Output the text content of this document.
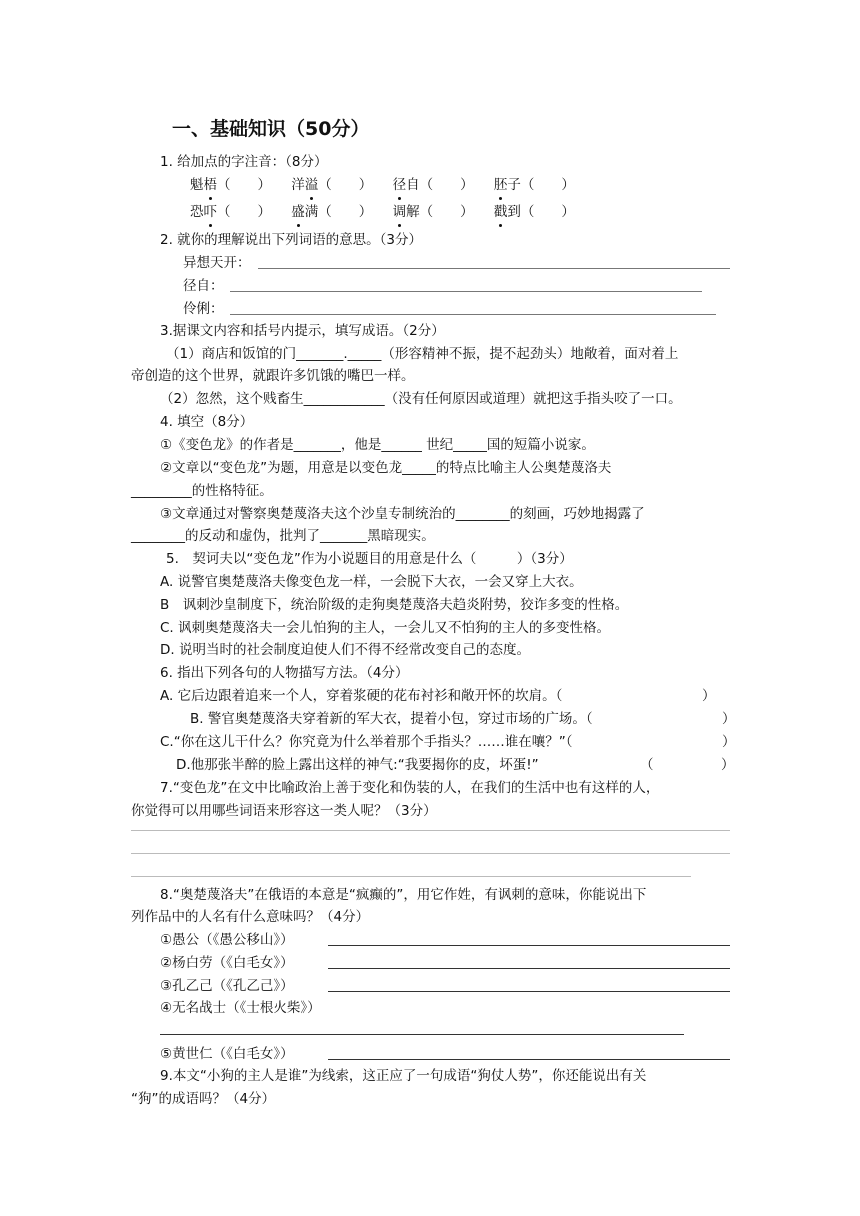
一、基础知识（50分）
1. 给加点的字注音：（8分）
魁梧（　　） 洋溢（　　） 径自（　　） 胚子（　　）
恐吓（　　） 盛满（　　） 调解（　　） 戳到（　　）
2. 就你的理解说出下列词语的意思。（3分）
异想天开：
径自：
伶俐：
3.据课文内容和括号内提示，填写成语。（2分）
（1）商店和饭馆的门_______._____（形容精神不振，提不起劲头）地敞着，面对着上
帝创造的这个世界，就跟许多饥饿的嘴巴一样。
（2）忽然，这个贱畜生____________（没有任何原因或道理）就把这手指头咬了一口。
4. 填空（8分）
①《变色龙》的作者是_______，他是______ 世纪_____国的短篇小说家。
②文章以“变色龙”为题，用意是以变色龙_____的特点比喻主人公奥楚蔑洛夫
_________的性格特征。
③文章通过对警察奥楚蔑洛夫这个沙皇专制统治的________的刻画，巧妙地揭露了
________的反动和虚伪，批判了_______黑暗现实。
5.　契诃夫以“变色龙”作为小说题目的用意是什么（　　　）（3分）
A. 说警官奥楚蔑洛夫像变色龙一样，一会脱下大衣，一会又穿上大衣。
B　讽刺沙皇制度下，统治阶级的走狗奥楚蔑洛夫趋炎附势，狡诈多变的性格。
C. 讽刺奥楚蔑洛夫一会儿怕狗的主人，一会儿又不怕狗的主人的多变性格。
D. 说明当时的社会制度迫使人们不得不经常改变自己的态度。
6. 指出下列各句的人物描写方法。（4分）
A. 它后边跟着追来一个人，穿着浆硬的花布衬衫和敞开怀的坎肩。（	）
B. 警官奥楚蔑洛夫穿着新的军大衣，提着小包，穿过市场的广场。（	）
C.“你在这儿干什么？你究竟为什么举着那个手指头？……谁在嚷？”（	）
D.他那张半醉的脸上露出这样的神气:“我要揭你的皮，坏蛋!”	（　　　　　）
7.“变色龙”在文中比喻政治上善于变化和伪装的人，在我们的生活中也有这样的人，
你觉得可以用哪些词语来形容这一类人呢？（3分）
8.“奥楚蔑洛夫”在俄语的本意是“疯癫的”，用它作姓，有讽刺的意味，你能说出下
列作品中的人名有什么意味吗？（4分）
①愚公（《愚公移山》）
②杨白劳（《白毛女》）
③孔乙己（《孔乙己》）
④无名战士（《士根火柴》）
⑤黄世仁（《白毛女》）
9.本文“小狗的主人是谁”为线索，这正应了一句成语“狗仗人势”，你还能说出有关
“狗”的成语吗？（4分）
